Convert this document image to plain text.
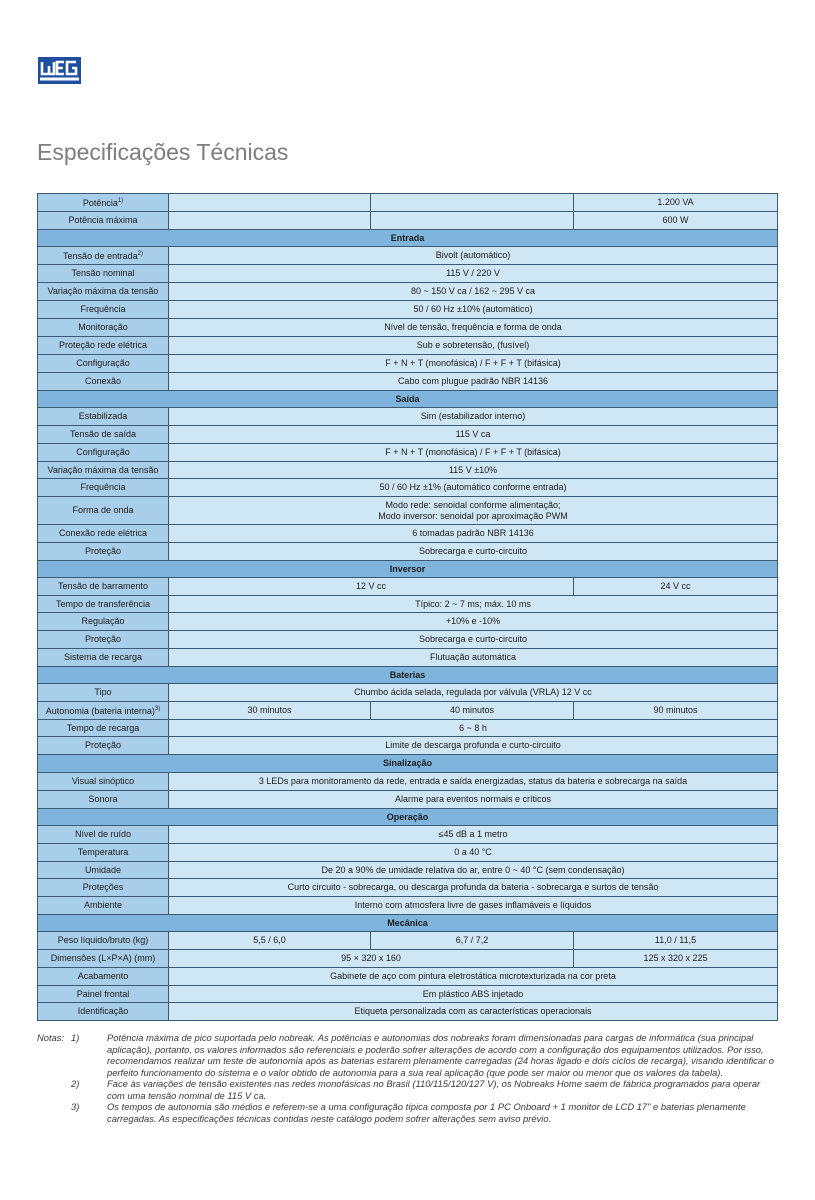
Especificações Técnicas
Potência$^{1)}$			1.200 VA
Potência máxima			600 W
Entrada			
Tensão de entrada$^{2)}$	Bivolt (automático)		
Tensão nominal	115 V / 220 V		
Variação máxima da tensão	80 ~ 150 V ca / 162 ~ 295 V ca		
Frequência	50 / 60 Hz ±10% (automático)		
Monitoração	Nível de tensão, frequência e forma de onda		
Proteção rede elétrica	Sub e sobretensão, (fusível)		
Configuração	F + N + T (monofásica) / F + F + T (bifásica)		
Conexão	Cabo com plugue padrão NBR 14136		
Saída			
Estabilizada	Sim (estabilizador interno)		
Tensão de saída	115 V ca		
Configuração	F + N + T (monofásica) / F + F + T (bifásica)		
Variação máxima da tensão	115 V ±10%		
Frequência	50 / 60 Hz ±1% (automático conforme entrada)		
Forma de onda	Modo rede: senoidal conforme alimentação;
Modo inversor: senoidal por aproximação PWM		

Conexão rede elétrica	6 tomadas padrão NBR 14136		
Proteção	Sobrecarga e curto-circuito		
Inversor			
Tensão de barramento	12 V cc		24 V cc
Tempo de transferência	Típico: 2 ~ 7 ms; máx. 10 ms		
Regulação	+10% e -10%		
Proteção	Sobrecarga e curto-circuito		
Sistema de recarga	Flutuação automática		
Baterias			
Tipo	Chumbo ácida selada, regulada por válvula (VRLA) 12 V cc		
Autonomia (bateria interna)$^{3)}$	30 minutos	40 minutos	90 minutos
Tempo de recarga	6 ~ 8 h		
Proteção	Limite de descarga profunda e curto-circuito		
Sinalização			
Visual sinóptico	3 LEDs para monitoramento da rede, entrada e saída energizadas, status da bateria e sobrecarga na saída		
Sonora	Alarme para eventos normais e críticos		
Operação			
Nível de ruído	≤45 dB a 1 metro		
Temperatura	0 a 40 °C		
Umidade	De 20 a 90% de umidade relativa do ar, entre 0 ~ 40 °C (sem condensação)		
Proteções	Curto circuito - sobrecarga, ou descarga profunda da bateria - sobrecarga e surtos de tensão		
Ambiente	Interno com atmosfera livre de gases inflamáveis e líquidos		
Mecânica			
Peso líquido/bruto (kg)	5,5 / 6,0	6,7 / 7,2	11,0 / 11,5
Dimensões (L×P×A) (mm)	95 × 320 x 160		125 x 320 x 225
Acabamento	Gabinete de aço com pintura eletrostática microtexturizada na cor preta		
Painel frontal	Em plástico ABS injetado		
Identificação	Etiqueta personalizada com as características operacionais		
Notas: 1)	Potência máxima de pico suportada pelo nobreak. As potências e autonomias dos nobreaks foram dimensionadas para cargas de informática (sua principal aplicação), portanto, os valores informados são referenciais e poderão sofrer alterações de acordo com a configuração dos equipamentos utilizados. Por isso, recomendamos realizar um teste de autonomia após as baterias estarem plenamente carregadas (24 horas ligado e dois ciclos de recarga), visando identificar o perfeito funcionamento do sistema e o valor obtido de autonomia para a sua real aplicação (que pode ser maior ou menor que os valores da tabela).
2)	Face às variações de tensão existentes nas redes monofásicas no Brasil (110/115/120/127 V), os Nobreaks Home saem de fábrica programados para operar com uma tensão nominal de 115 V ca.
3)	Os tempos de autonomia são médios e referem-se a uma configuração típica composta por 1 PC Onboard + 1 monitor de LCD 17" e baterias plenamente carregadas. As especificações técnicas contidas neste catálogo podem sofrer alterações sem aviso prévio.
